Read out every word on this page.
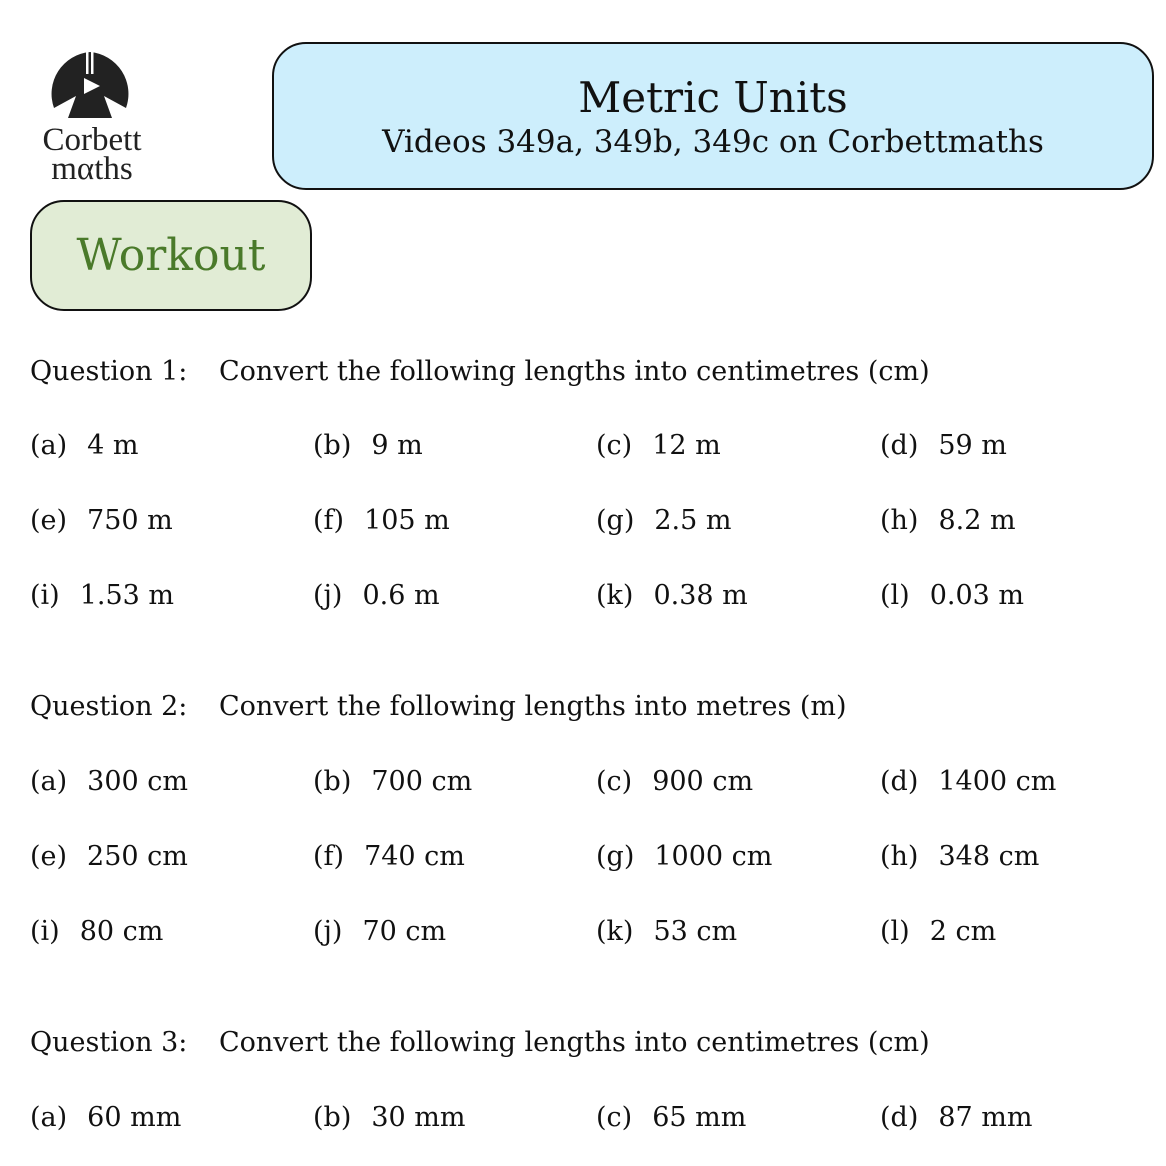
Corbett
mαths
Metric Units
Videos 349a, 349b, 349c on Corbettmaths
Workout
Question 1: Convert the following lengths into centimetres (cm)
(a) 4 m	(b) 9 m	(c) 12 m	(d) 59 m
(e) 750 m	(f) 105 m	(g) 2.5 m	(h) 8.2 m
(i) 1.53 m	(j) 0.6 m	(k) 0.38 m	(l) 0.03 m
Question 2: Convert the following lengths into metres (m)
(a) 300 cm	(b) 700 cm	(c) 900 cm	(d) 1400 cm
(e) 250 cm	(f) 740 cm	(g) 1000 cm	(h) 348 cm
(i) 80 cm	(j) 70 cm	(k) 53 cm	(l) 2 cm
Question 3: Convert the following lengths into centimetres (cm)
(a) 60 mm	(b) 30 mm	(c) 65 mm	(d) 87 mm
